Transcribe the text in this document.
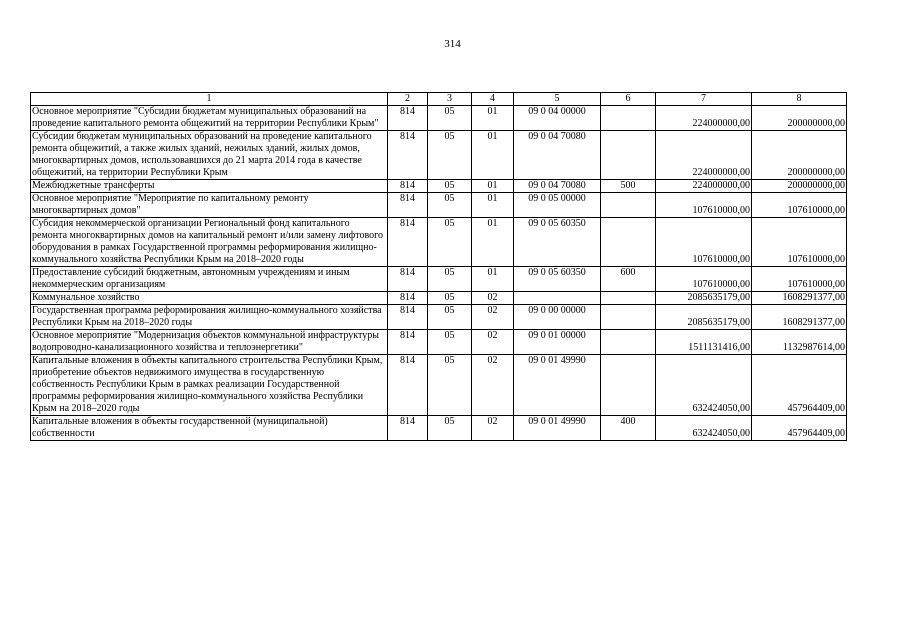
314
1	2	3	4	5	6	7	8
Основное мероприятие "Субсидии бюджетам муниципальных образований на проведение капитального ремонта общежитий на территории Республики Крым"	814	05	01	09 0 04 00000		224000000,00	200000000,00
Субсидии бюджетам муниципальных образований на проведение капитального ремонта общежитий, а также жилых зданий, нежилых зданий, жилых домов, многоквартирных домов, использовавшихся до 21 марта 2014 года в качестве общежитий, на территории Республики Крым	814	05	01	09 0 04 70080		224000000,00	200000000,00
Межбюджетные трансферты	814	05	01	09 0 04 70080	500	224000000,00	200000000,00
Основное мероприятие "Мероприятие по капитальному ремонту многоквартирных домов"	814	05	01	09 0 05 00000		107610000,00	107610000,00
Субсидия некоммерческой организации Региональный фонд капитального ремонта многоквартирных домов на капитальный ремонт и/или замену лифтового оборудования в рамках Государственной программы реформирования жилищно-коммунального хозяйства Республики Крым на 2018–2020 годы	814	05	01	09 0 05 60350		107610000,00	107610000,00
Предоставление субсидий бюджетным, автономным учреждениям и иным некоммерческим организациям	814	05	01	09 0 05 60350	600	107610000,00	107610000,00
Коммунальное хозяйство	814	05	02			2085635179,00	1608291377,00
Государственная программа реформирования жилищно-коммунального хозяйства Республики Крым на 2018–2020 годы	814	05	02	09 0 00 00000		2085635179,00	1608291377,00
Основное мероприятие "Модернизация объектов коммунальной инфраструктуры водопроводно-канализационного хозяйства и теплоэнергетики"	814	05	02	09 0 01 00000		1511131416,00	1132987614,00
Капитальные вложения в объекты капитального строительства Республики Крым, приобретение объектов недвижимого имущества в государственную собственность Республики Крым в рамках реализации Государственной программы реформирования жилищно-коммунального хозяйства Республики Крым на 2018–2020 годы	814	05	02	09 0 01 49990		632424050,00	457964409,00
Капитальные вложения в объекты государственной (муниципальной) собственности	814	05	02	09 0 01 49990	400	632424050,00	457964409,00
